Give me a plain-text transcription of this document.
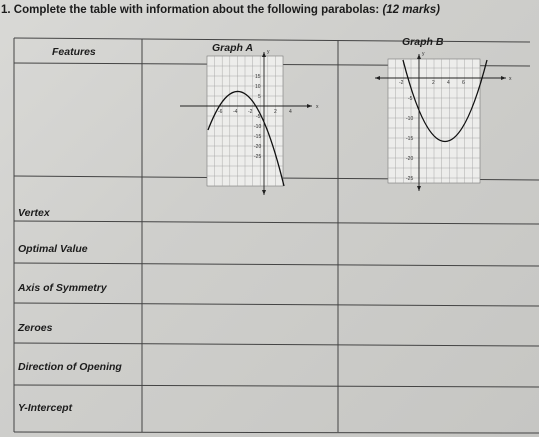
1. Complete the table with information about the following parabolas: (12 marks)
x
y
-6 -4 -2	2 4
15
10
5
-5
-10
-15
-20
-25
x
y
-2	2 4 6
-5
-10
-15
-20
-25
Features	Graph A	Graph B
Vertex
Optimal Value
Axis of Symmetry
Zeroes
Direction of Opening
Y-Intercept
